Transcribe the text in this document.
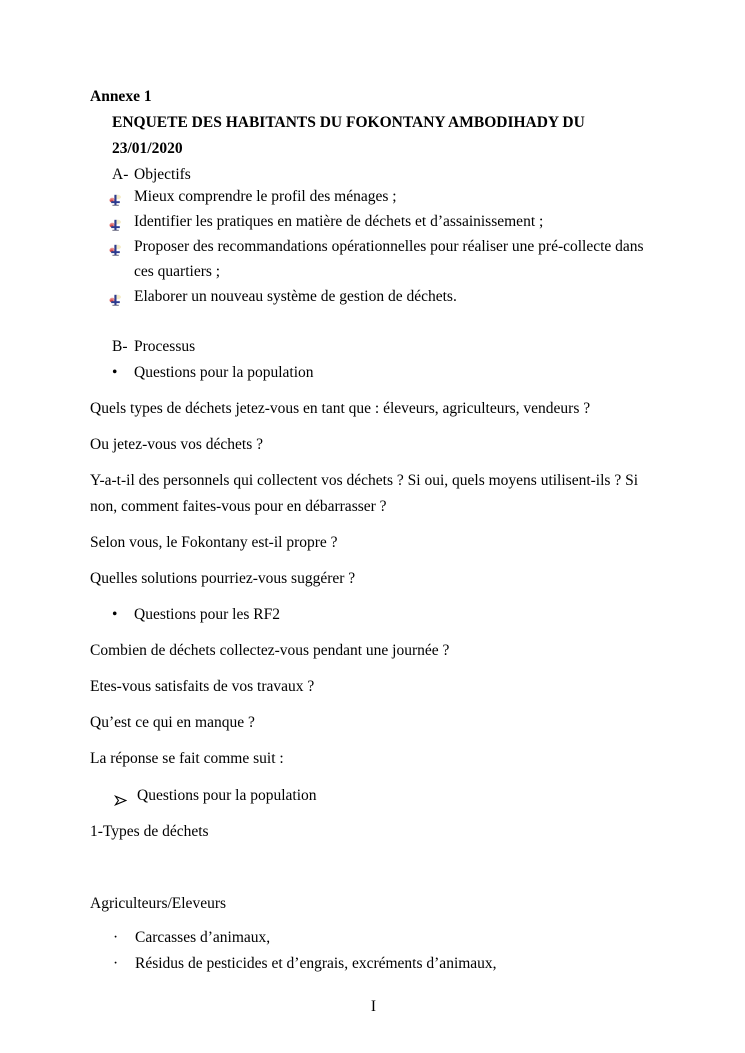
Annexe 1

ENQUETE DES HABITANTS DU FOKONTANY AMBODIHADY DU 23/01/2020

A- Objectifs
Mieux comprendre le profil des ménages ;
Identifier les pratiques en matière de déchets et d’assainissement ;
Proposer des recommandations opérationnelles pour réaliser une pré-collecte dans ces quartiers ;
Elaborer un nouveau système de gestion de déchets.
B- Processus
• Questions pour la population

Quels types de déchets jetez-vous en tant que : éleveurs, agriculteurs, vendeurs ?

Ou jetez-vous vos déchets ?

Y-a-t-il des personnels qui collectent vos déchets ? Si oui, quels moyens utilisent-ils ? Si non, comment faites-vous pour en débarrasser ?

Selon vous, le Fokontany est-il propre ?

Quelles solutions pourriez-vous suggérer ?

• Questions pour les RF2

Combien de déchets collectez-vous pendant une journée ?

Etes-vous satisfaits de vos travaux ?

Qu’est ce qui en manque ?

La réponse se fait comme suit :

Questions pour la population

1-Types de déchets

Agriculteurs/Eleveurs

· Carcasses d’animaux,
· Résidus de pesticides et d’engrais, excréments d’animaux,

I
